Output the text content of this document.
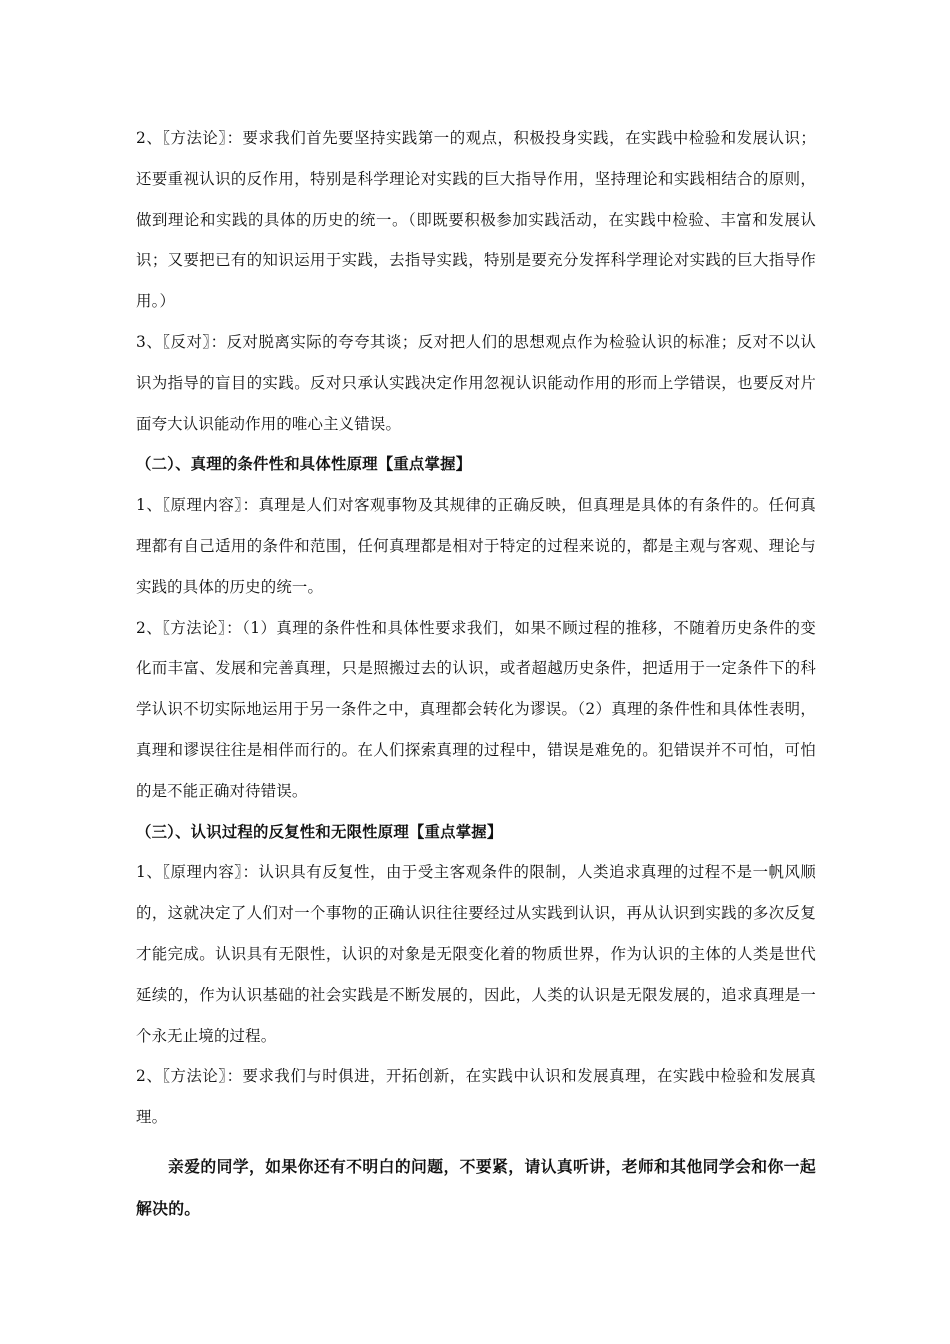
2、〖方法论〗：要求我们首先要坚持实践第一的观点，积极投身实践，在实践中检验和发展认识；还要重视认识的反作用，特别是科学理论对实践的巨大指导作用，坚持理论和实践相结合的原则，做到理论和实践的具体的历史的统一。（即既要积极参加实践活动，在实践中检验、丰富和发展认识；又要把已有的知识运用于实践，去指导实践，特别是要充分发挥科学理论对实践的巨大指导作用。）

3、〖反对〗：反对脱离实际的夸夸其谈；反对把人们的思想观点作为检验认识的标准；反对不以认识为指导的盲目的实践。反对只承认实践决定作用忽视认识能动作用的形而上学错误，也要反对片面夸大认识能动作用的唯心主义错误。

（二）、真理的条件性和具体性原理【重点掌握】

1、〖原理内容〗：真理是人们对客观事物及其规律的正确反映，但真理是具体的有条件的。任何真理都有自己适用的条件和范围，任何真理都是相对于特定的过程来说的，都是主观与客观、理论与实践的具体的历史的统一。

2、〖方法论〗：（1）真理的条件性和具体性要求我们，如果不顾过程的推移，不随着历史条件的变化而丰富、发展和完善真理，只是照搬过去的认识，或者超越历史条件，把适用于一定条件下的科学认识不切实际地运用于另一条件之中，真理都会转化为谬误。（2）真理的条件性和具体性表明，真理和谬误往往是相伴而行的。在人们探索真理的过程中，错误是难免的。犯错误并不可怕，可怕的是不能正确对待错误。

（三）、认识过程的反复性和无限性原理【重点掌握】

1、〖原理内容〗：认识具有反复性，由于受主客观条件的限制，人类追求真理的过程不是一帆风顺的，这就决定了人们对一个事物的正确认识往往要经过从实践到认识，再从认识到实践的多次反复才能完成。认识具有无限性，认识的对象是无限变化着的物质世界，作为认识的主体的人类是世代延续的，作为认识基础的社会实践是不断发展的，因此，人类的认识是无限发展的，追求真理是一个永无止境的过程。

2、〖方法论〗：要求我们与时俱进，开拓创新，在实践中认识和发展真理，在实践中检验和发展真理。

亲爱的同学，如果你还有不明白的问题，不要紧，请认真听讲，老师和其他同学会和你一起解决的。
